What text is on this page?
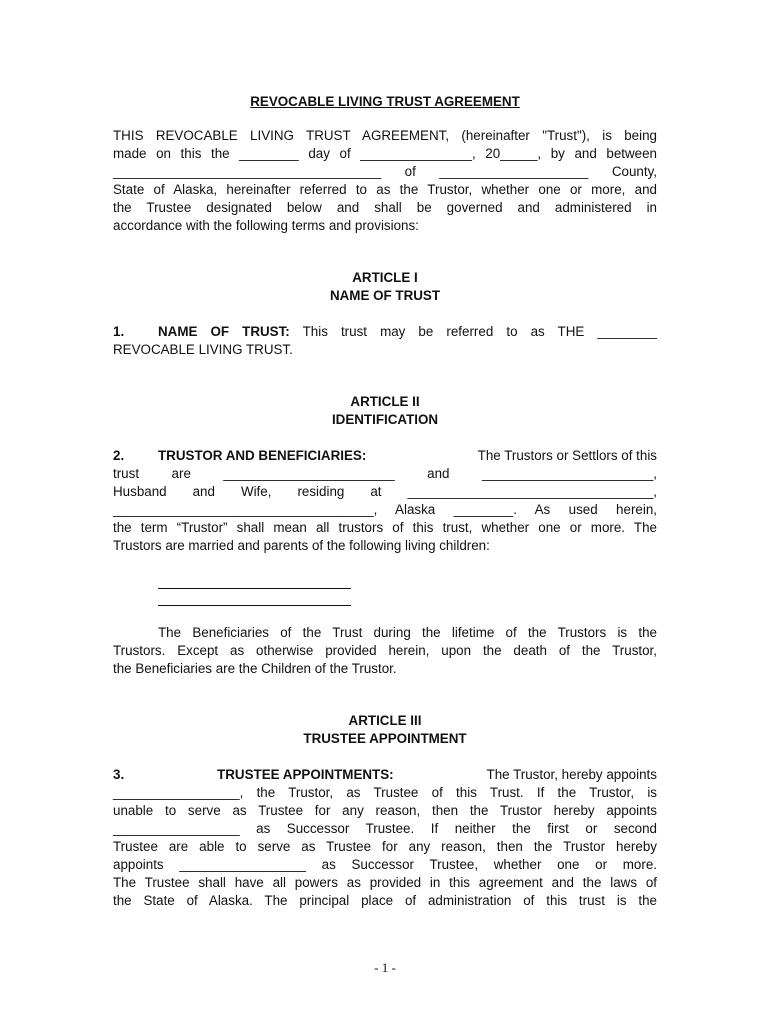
REVOCABLE LIVING TRUST AGREEMENT

THIS REVOCABLE LIVING TRUST AGREEMENT, (hereinafter "Trust"), is being

made on this the ________ day of _______________, 20_____, by and between

____________________________________ of ____________________ County,

State of Alaska, hereinafter referred to as the Trustor, whether one or more, and

the Trustee designated below and shall be governed and administered in

accordance with the following terms and provisions:

ARTICLE I
NAME OF TRUST

1.	NAME OF TRUST: This trust may be referred to as THE ________

REVOCABLE LIVING TRUST.

ARTICLE II
IDENTIFICATION

2.	TRUSTOR AND BENEFICIARIES:	The Trustors or Settlors of this

trust are _______________________ and _______________________,

Husband and Wife, residing at _________________________________,

___________________________________, Alaska ________. As used herein,

the term “Trustor” shall mean all trustors of this trust, whether one or more. The

Trustors are married and parents of the following living children:

The Beneficiaries of the Trust during the lifetime of the Trustors is the

Trustors. Except as otherwise provided herein, upon the death of the Trustor,

the Beneficiaries are the Children of the Trustor.

ARTICLE III
TRUSTEE APPOINTMENT

3.	TRUSTEE APPOINTMENTS:	The Trustor, hereby appoints

_________________, the Trustor, as Trustee of this Trust. If the Trustor, is

unable to serve as Trustee for any reason, then the Trustor hereby appoints

_________________ as Successor Trustee. If neither the first or second

Trustee are able to serve as Trustee for any reason, then the Trustor hereby

appoints _________________ as Successor Trustee, whether one or more.

The Trustee shall have all powers as provided in this agreement and the laws of

the State of Alaska. The principal place of administration of this trust is the

- 1 -
